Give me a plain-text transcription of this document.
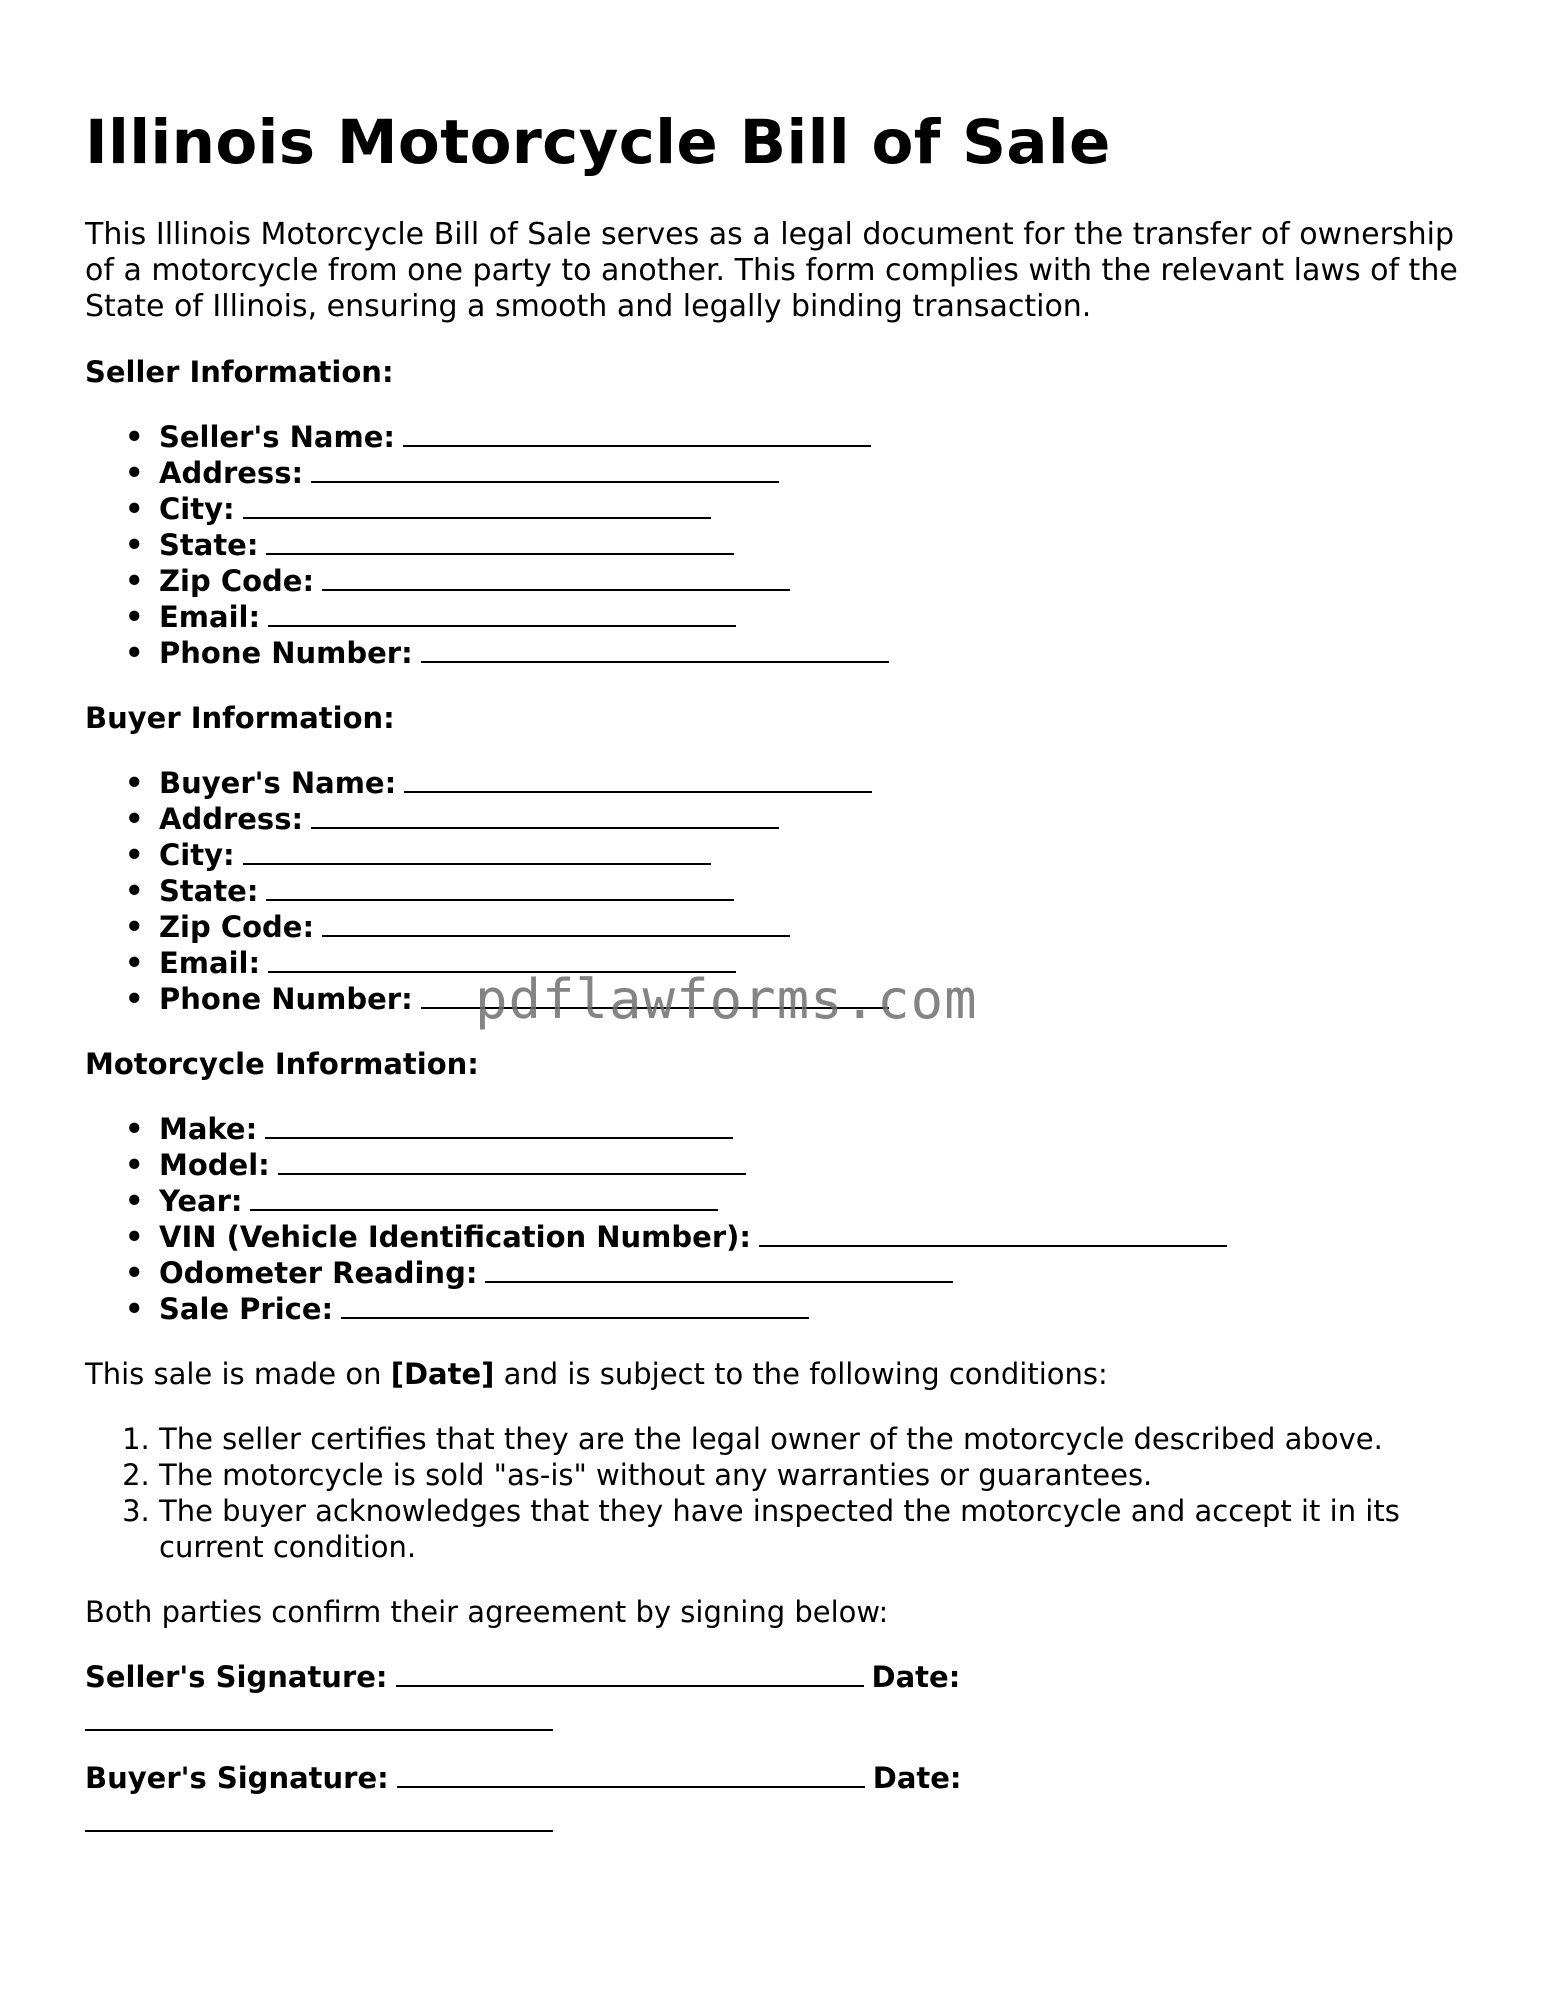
Illinois Motorcycle Bill of Sale

This Illinois Motorcycle Bill of Sale serves as a legal document for the transfer of ownership of a motorcycle from one party to another. This form complies with the relevant laws of the State of Illinois, ensuring a smooth and legally binding transaction.

Seller Information:
• Seller's Name:
• Address:
• City:
• State:
• Zip Code:
• Email:
• Phone Number:
Buyer Information:
• Buyer's Name:
• Address:
• City:
• State:
• Zip Code:
• Email:
• Phone Number:
Motorcycle Information:
• Make:
• Model:
• Year:
• VIN (Vehicle Identification Number):
• Odometer Reading:
• Sale Price:

This sale is made on [Date] and is subject to the following conditions:

1. The seller certifies that they are the legal owner of the motorcycle described above.
2. The motorcycle is sold "as-is" without any warranties or guarantees.
3. The buyer acknowledges that they have inspected the motorcycle and accept it in its current condition.

Both parties confirm their agreement by signing below:

Seller's Signature:	Date:
Buyer's Signature:	Date:
pdflawforms.com
